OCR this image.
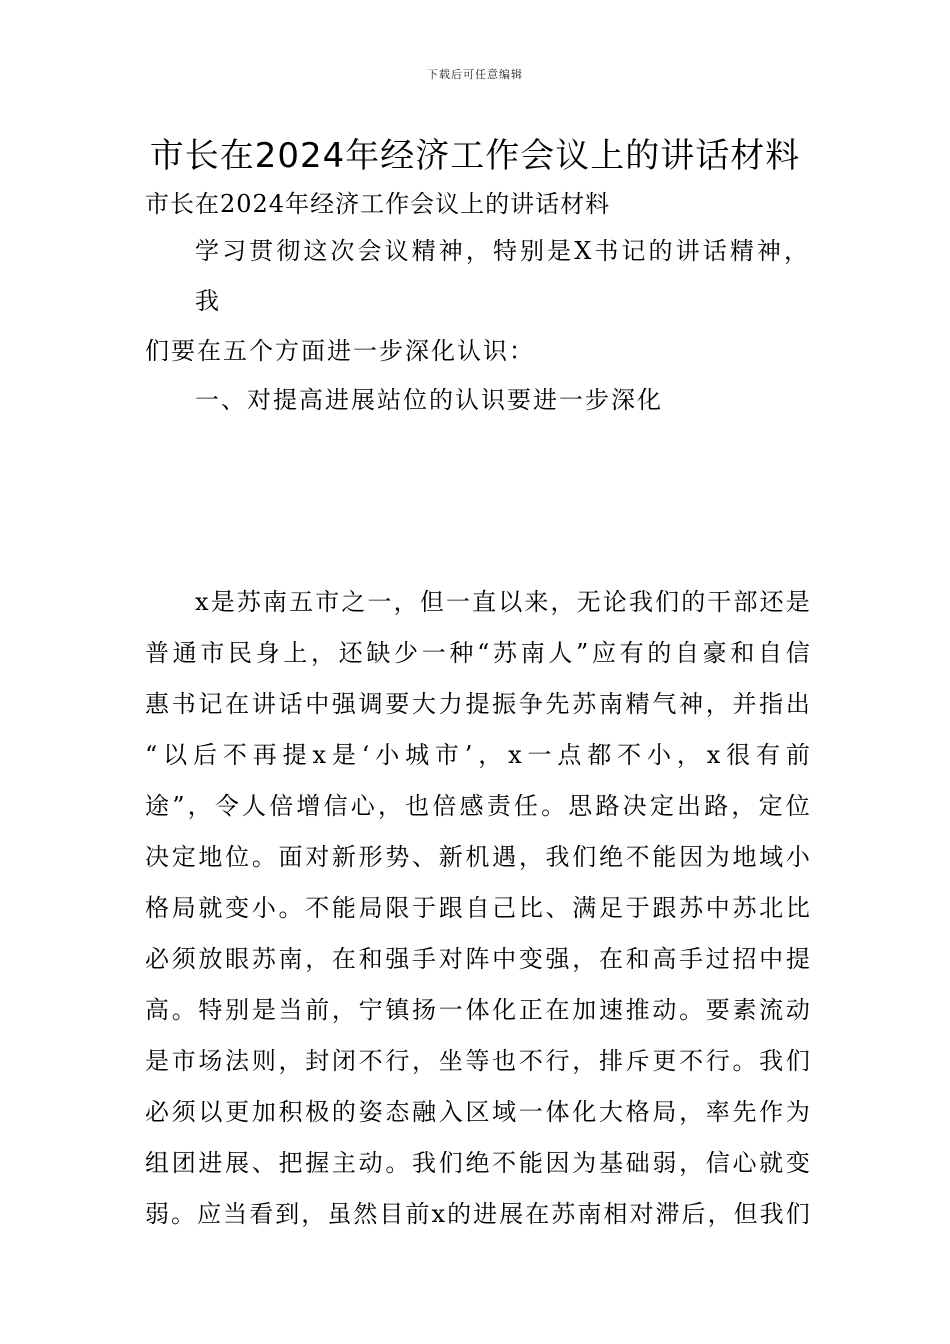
下载后可任意编辑
市长在2024年经济工作会议上的讲话材料
市长在2024年经济工作会议上的讲话材料
学习贯彻这次会议精神，特别是X书记的讲话精神，我
们要在五个方面进一步深化认识：
一、对提高进展站位的认识要进一步深化
x 是 苏 南 五 市 之 一 ， 但 一 直 以 来 ， 无 论 我 们 的 干 部 还 是
普 通 市 民 身 上 ， 还 缺 少 一 种 “ 苏 南 人 ” 应 有 的 自 豪 和 自 信
惠 书 记 在 讲 话 中 强 调 要 大 力 提 振 争 先 苏 南 精 气 神 ， 并 指 出
“ 以 后 不 再 提 x 是 ‘ 小 城 市 ’ ， x 一 点 都 不 小 ， x 很 有 前
途 ” ， 令 人 倍 增 信 心 ， 也 倍 感 责 任 。 思 路 决 定 出 路 ， 定 位
决 定 地 位 。 面 对 新 形 势 、 新 机 遇 ， 我 们 绝 不 能 因 为 地 域 小
格 局 就 变 小 。 不 能 局 限 于 跟 自 己 比 、 满 足 于 跟 苏 中 苏 北 比
必 须 放 眼 苏 南 ， 在 和 强 手 对 阵 中 变 强 ， 在 和 高 手 过 招 中 提
高 。 特 别 是 当 前 ， 宁 镇 扬 一 体 化 正 在 加 速 推 动 。 要 素 流 动
是 市 场 法 则 ， 封 闭 不 行 ， 坐 等 也 不 行 ， 排 斥 更 不 行 。 我 们
必 须 以 更 加 积 极 的 姿 态 融 入 区 域 一 体 化 大 格 局 ， 率 先 作 为
组 团 进 展 、 把 握 主 动 。 我 们 绝 不 能 因 为 基 础 弱 ， 信 心 就 变
弱 。 应 当 看 到 ， 虽 然 目 前 x 的 进 展 在 苏 南 相 对 滞 后 ， 但 我 们
